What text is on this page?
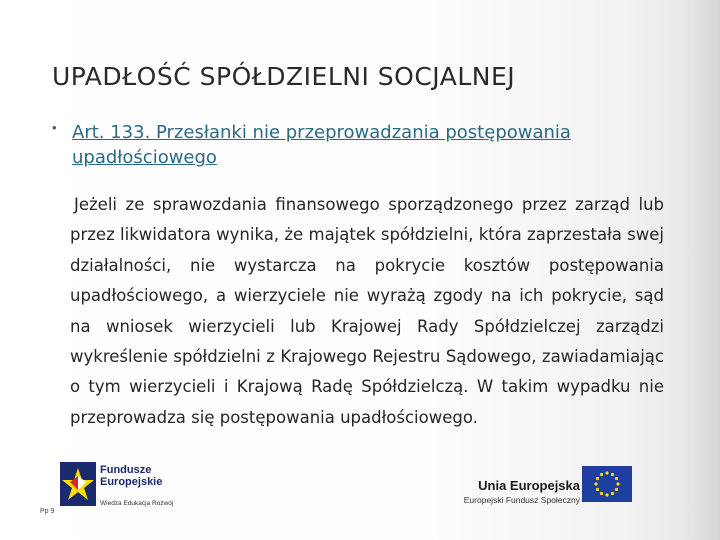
UPADŁOŚĆ SPÓŁDZIELNI SOCJALNEJ
• Art. 133. Przesłanki nie przeprowadzania postępowania upadłościowego
Jeżeli ze sprawozdania finansowego sporządzonego przez zarząd lub przez likwidatora wynika, że majątek spółdzielni, która zaprzestała swej działalności, nie wystarcza na pokrycie kosztów postępowania upadłościowego, a wierzyciele nie wyrażą zgody na ich pokrycie, sąd na wniosek wierzycieli lub Krajowej Rady Spółdzielczej zarządzi wykreślenie spółdzielni z Krajowego Rejestru Sądowego, zawiadamiając o tym wierzycieli i Krajową Radę Spółdzielczą. W takim wypadku nie przeprowadza się postępowania upadłościowego.
Fundusze Europejskie
Wiedza Edukacja Rozwój
Unia Europejska
Europejski Fundusz Społeczny
Pp 9
